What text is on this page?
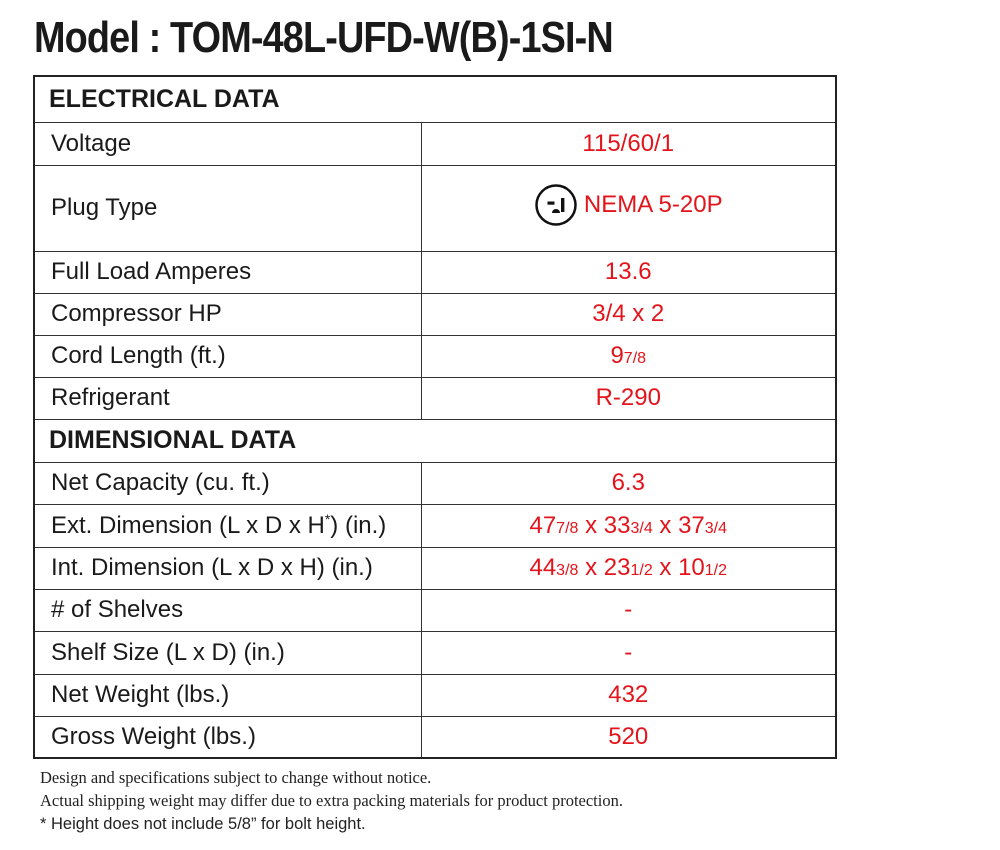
Model : TOM-48L-UFD-W(B)-1SI-N
ELECTRICAL DATA	
Voltage	115/60/1
Plug Type	NEMA 5-20P

Full Load Amperes	13.6
Compressor HP	3/4 x 2
Cord Length (ft.)	97/8
Refrigerant	R-290
DIMENSIONAL DATA	
Net Capacity (cu. ft.)	6.3
Ext. Dimension (L x D x H*) (in.)	477/8 x 333/4 x 373/4
Int. Dimension (L x D x H) (in.)	443/8 x 231/2 x 101/2
# of Shelves	-
Shelf Size (L x D) (in.)	-
Net Weight (lbs.)	432
Gross Weight (lbs.)	520
Design and specifications subject to change without notice.
Actual shipping weight may differ due to extra packing materials for product protection.
* Height does not include 5/8” for bolt height.
